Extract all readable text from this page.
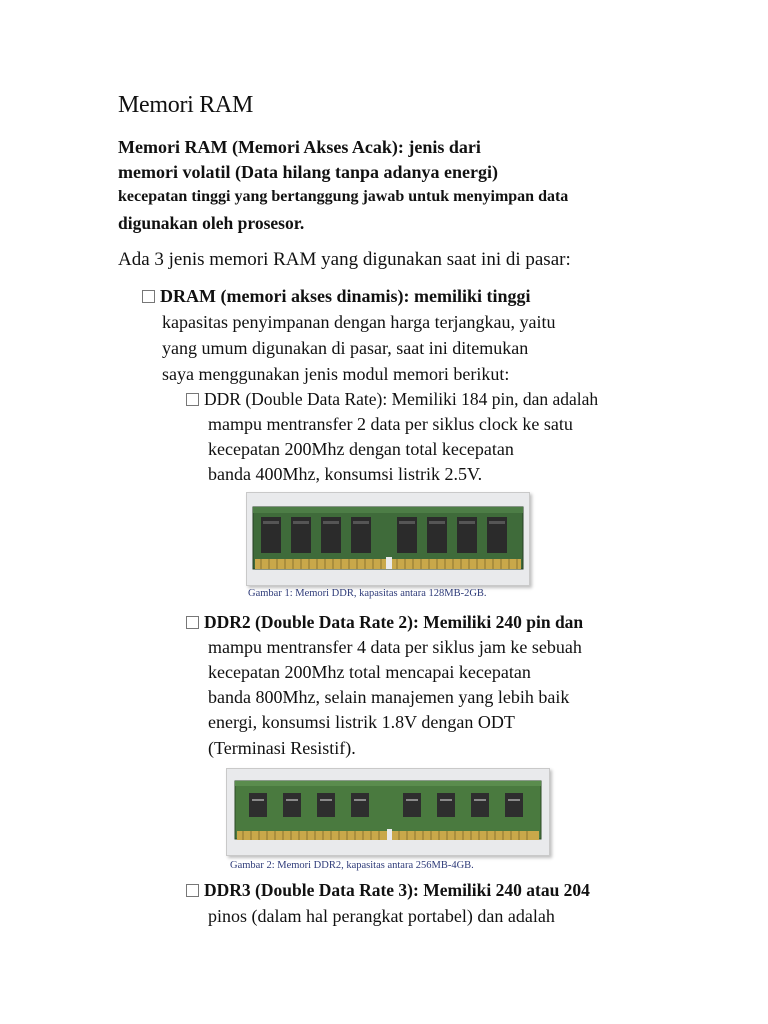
Memori RAM
Memori RAM (Memori Akses Acak): jenis dari
memori volatil (Data hilang tanpa adanya energi)
kecepatan tinggi yang bertanggung jawab untuk menyimpan data
digunakan oleh prosesor.
Ada 3 jenis memori RAM yang digunakan saat ini di pasar:
DRAM (memori akses dinamis): memiliki tinggi
kapasitas penyimpanan dengan harga terjangkau, yaitu
yang umum digunakan di pasar, saat ini ditemukan
saya menggunakan jenis modul memori berikut:
DDR (Double Data Rate): Memiliki 184 pin, dan adalah
mampu mentransfer 2 data per siklus clock ke satu
kecepatan 200Mhz dengan total kecepatan
banda 400Mhz, konsumsi listrik 2.5V.
Gambar 1: Memori DDR, kapasitas antara 128MB-2GB.
DDR2 (Double Data Rate 2): Memiliki 240 pin dan
mampu mentransfer 4 data per siklus jam ke sebuah
kecepatan 200Mhz total mencapai kecepatan
banda 800Mhz, selain manajemen yang lebih baik
energi, konsumsi listrik 1.8V dengan ODT
(Terminasi Resistif).
Gambar 2: Memori DDR2, kapasitas antara 256MB-4GB.
DDR3 (Double Data Rate 3): Memiliki 240 atau 204
pinos (dalam hal perangkat portabel) dan adalah
